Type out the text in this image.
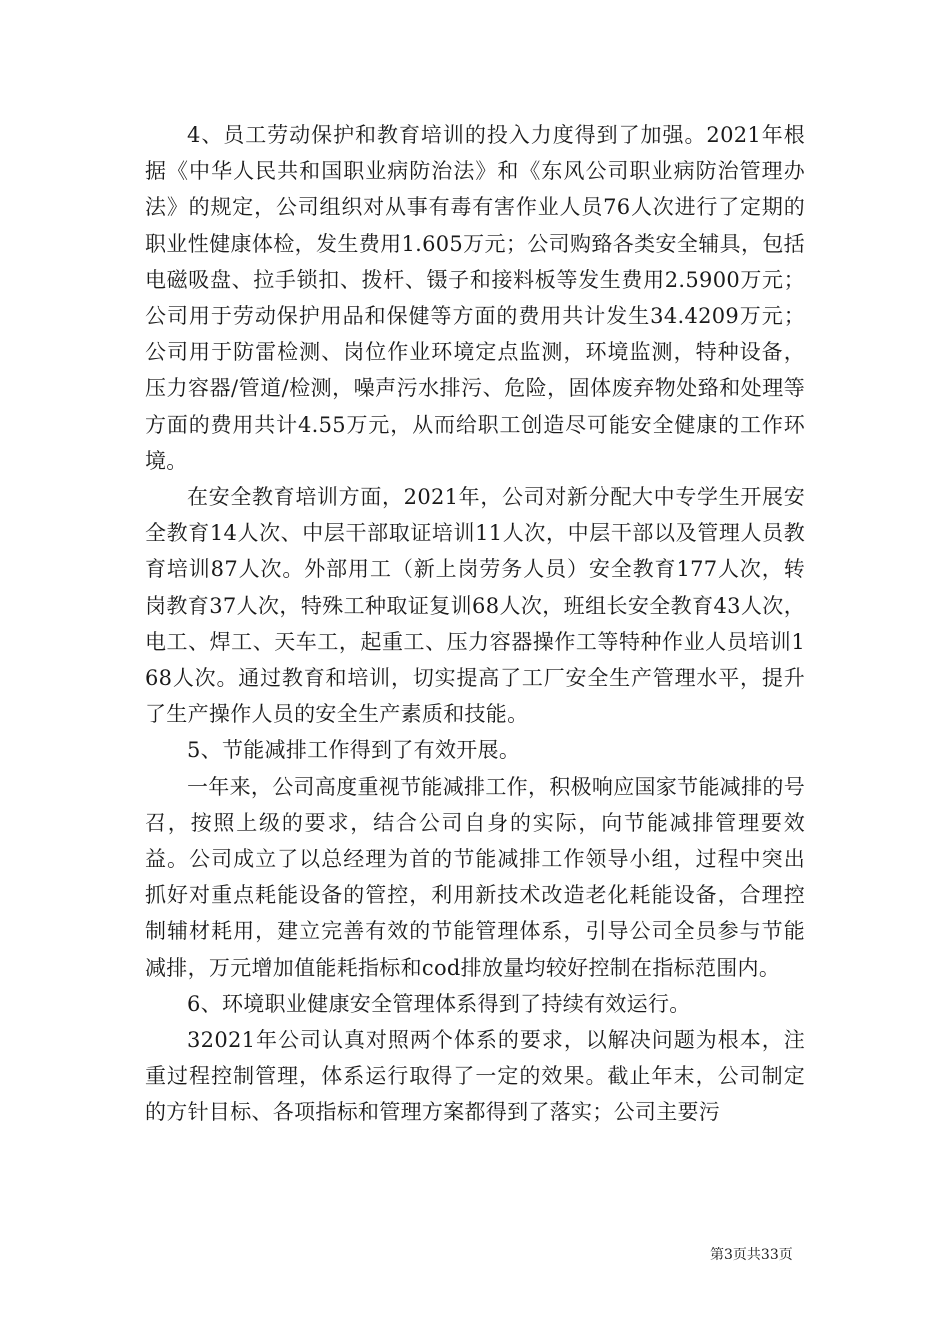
4、员工劳动保护和教育培训的投入力度得到了加强。2021年根据《中华人民共和国职业病防治法》和《东风公司职业病防治管理办法》的规定，公司组织对从事有毒有害作业人员76人次进行了定期的职业性健康体检，发生费用1.605万元；公司购臵各类安全辅具，包括电磁吸盘、拉手锁扣、拨杆、镊子和接料板等发生费用2.5900万元；公司用于劳动保护用品和保健等方面的费用共计发生34.4209万元；公司用于防雷检测、岗位作业环境定点监测，环境监测，特种设备，压力容器/管道/检测，噪声污水排污、危险，固体废弃物处臵和处理等方面的费用共计4.55万元，从而给职工创造尽可能安全健康的工作环境。

在安全教育培训方面，2021年，公司对新分配大中专学生开展安全教育14人次、中层干部取证培训11人次，中层干部以及管理人员教育培训87人次。外部用工（新上岗劳务人员）安全教育177人次，转岗教育37人次，特殊工种取证复训68人次，班组长安全教育43人次，电工、焊工、天车工，起重工、压力容器操作工等特种作业人员培训168人次。通过教育和培训，切实提高了工厂安全生产管理水平，提升了生产操作人员的安全生产素质和技能。

5、节能减排工作得到了有效开展。

一年来，公司高度重视节能减排工作，积极响应国家节能减排的号召，按照上级的要求，结合公司自身的实际，向节能减排管理要效益。公司成立了以总经理为首的节能减排工作领导小组，过程中突出抓好对重点耗能设备的管控，利用新技术改造老化耗能设备，合理控制辅材耗用，建立完善有效的节能管理体系，引导公司全员参与节能减排，万元增加值能耗指标和cod排放量均较好控制在指标范围内。

6、环境职业健康安全管理体系得到了持续有效运行。

32021年公司认真对照两个体系的要求，以解决问题为根本，注重过程控制管理，体系运行取得了一定的效果。截止年末，公司制定的方针目标、各项指标和管理方案都得到了落实；公司主要污

第3页共33页
